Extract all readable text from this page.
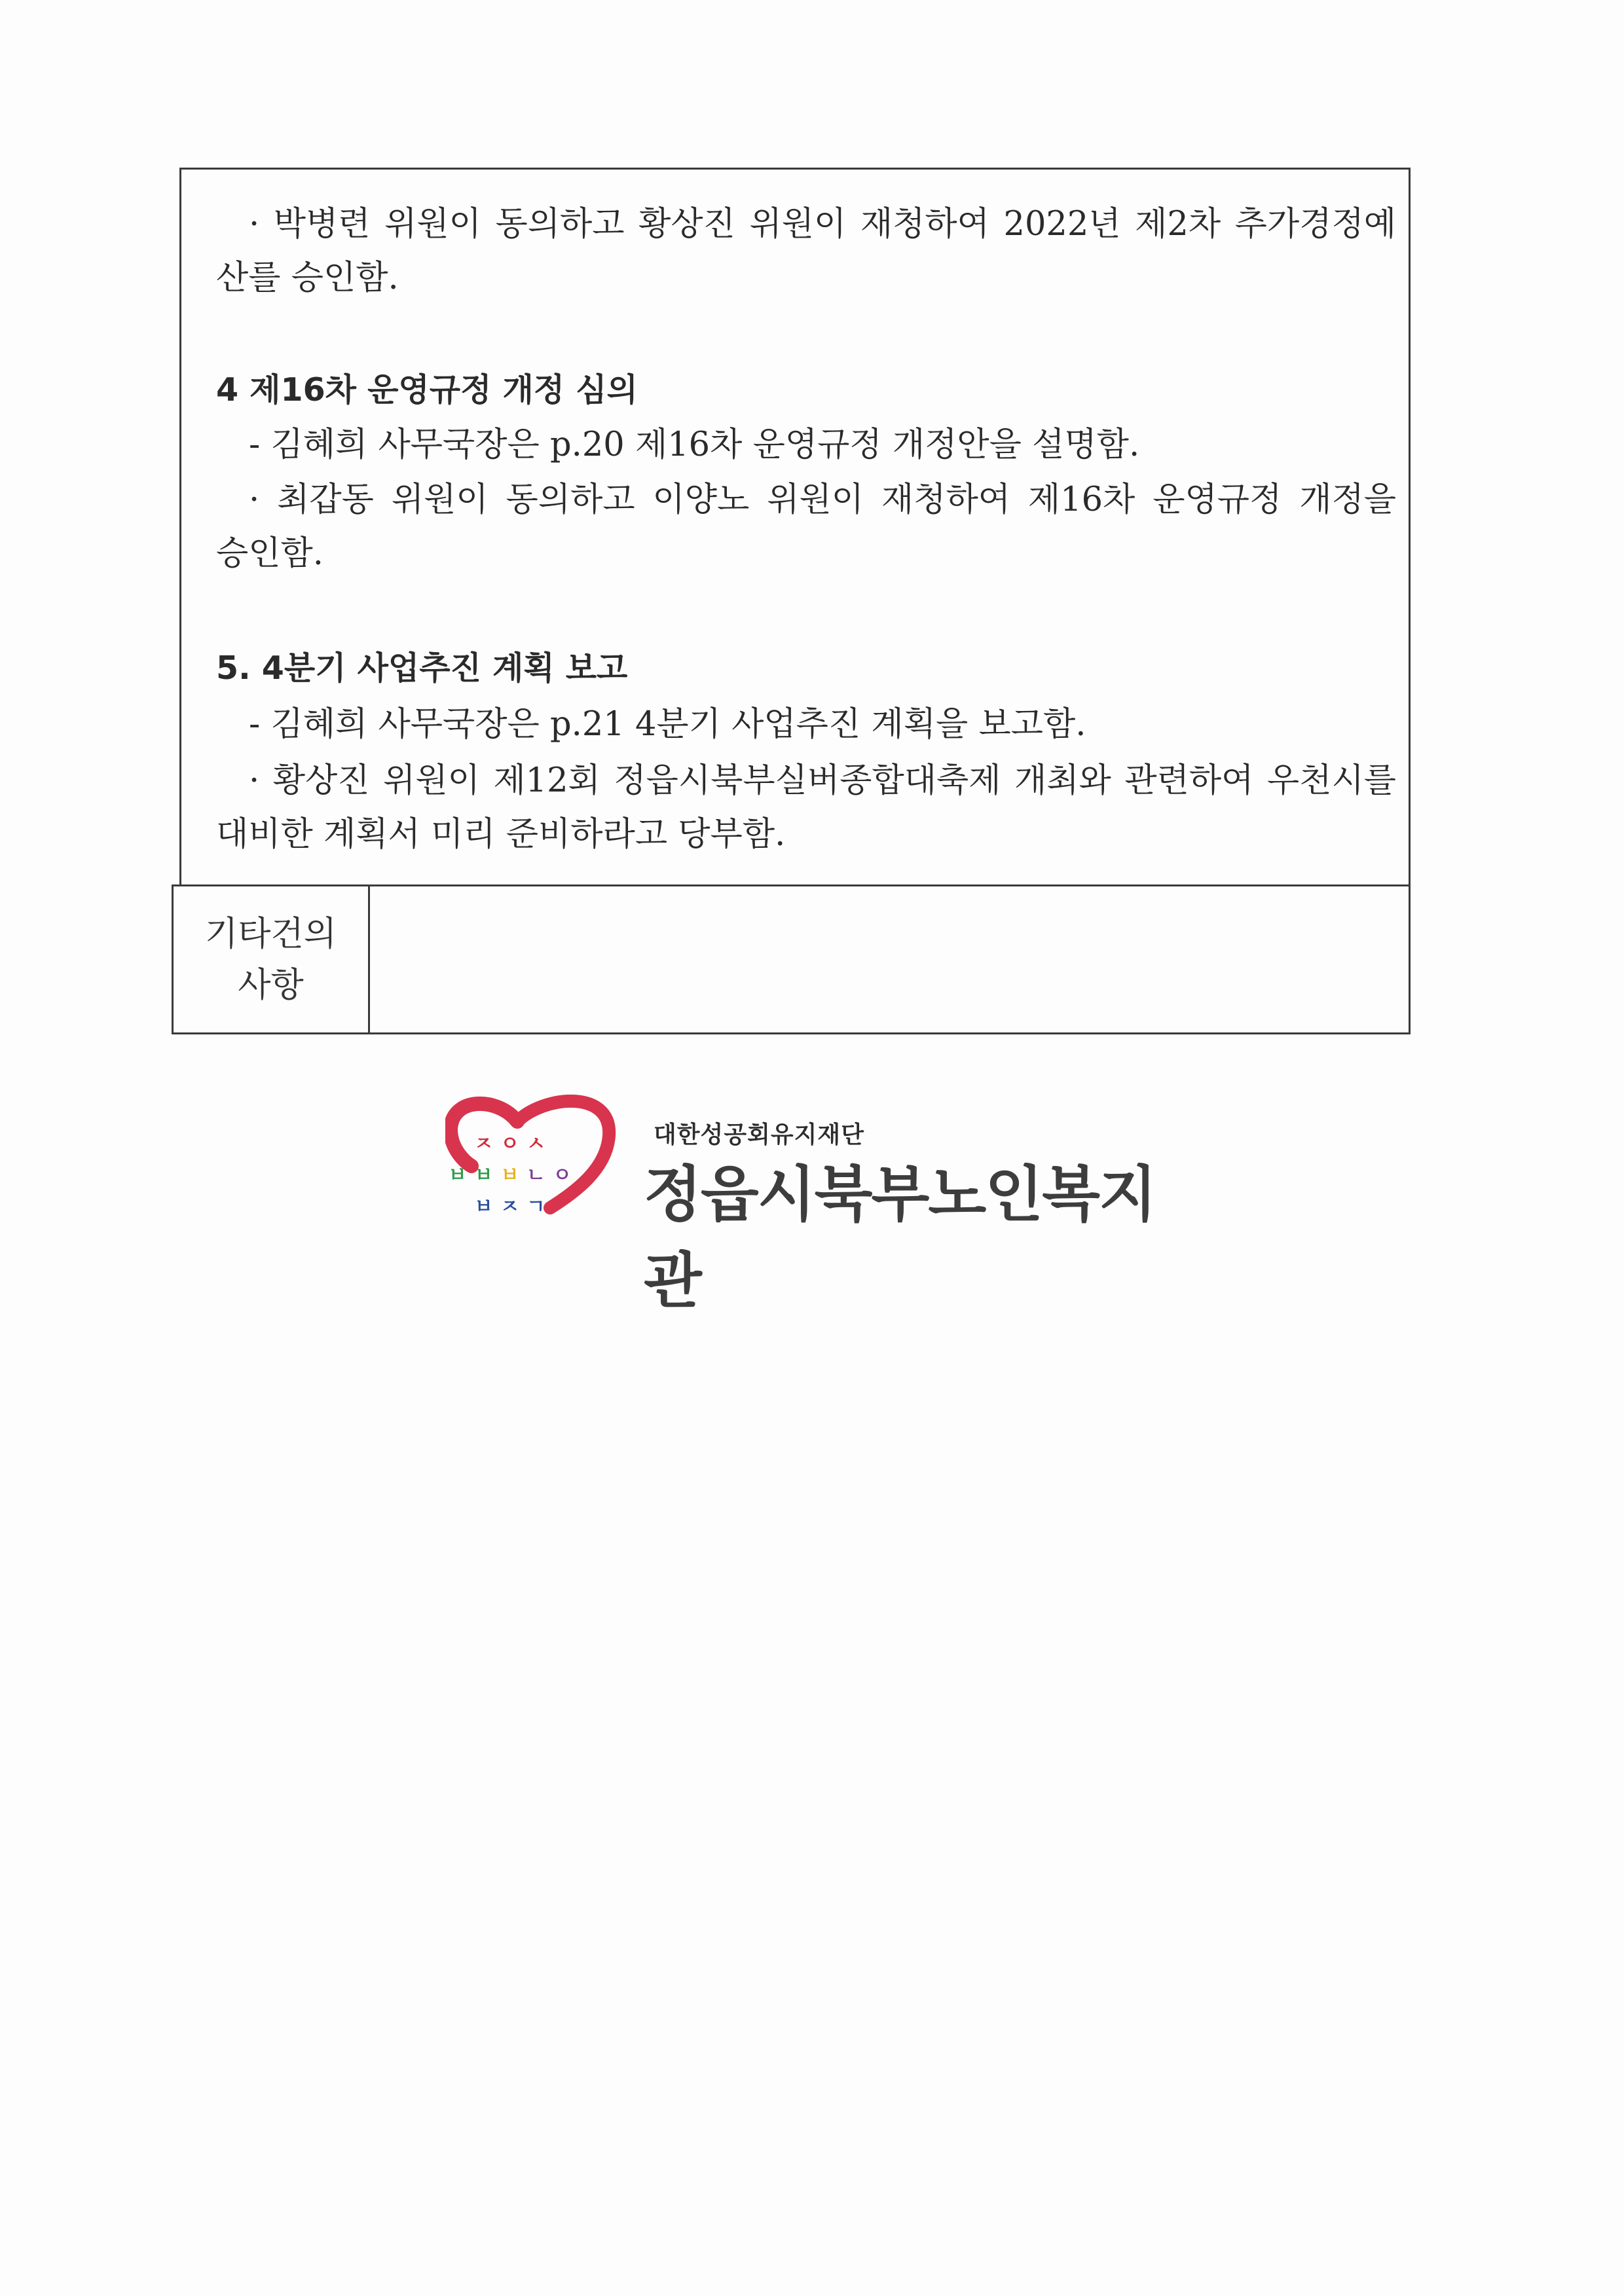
· 박병련 위원이 동의하고 황상진 위원이 재청하여 2022년 제2차 추가경정예
산를 승인함.
4 제16차 운영규정 개정 심의
- 김혜희 사무국장은 p.20 제16차 운영규정 개정안을 설명함.
· 최갑동 위원이 동의하고 이양노 위원이 재청하여 제16차 운영규정 개정을
승인함.
5. 4분기 사업추진 계획 보고
- 김혜희 사무국장은 p.21 4분기 사업추진 계획을 보고함.
· 황상진 위원이 제12회 정읍시북부실버종합대축제 개최와 관련하여 우천시를
대비한 계획서 미리 준비하라고 당부함.
기타건의
사항
ㅈ ㅇ ㅅ
ㅂ ㅂ ㅂ ㄴ ㅇ
ㅂ ㅈ ㄱ
대한성공회유지재단
정읍시북부노인복지관
